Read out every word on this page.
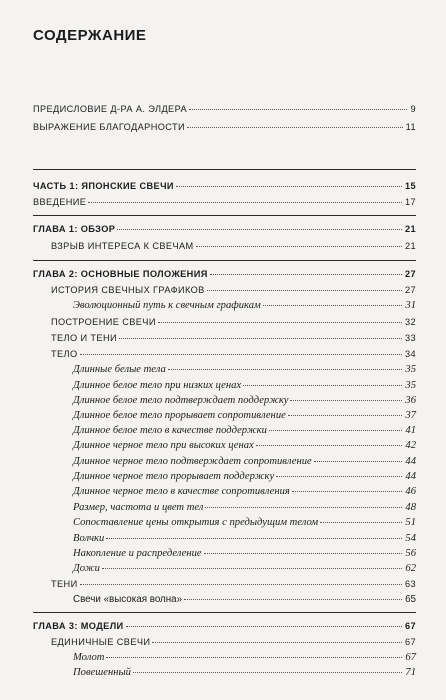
СОДЕРЖАНИЕ
ПРЕДИСЛОВИЕ Д-РА А. ЭЛДЕРА	9
ВЫРАЖЕНИЕ БЛАГОДАРНОСТИ	11
ЧАСТЬ 1: ЯПОНСКИЕ СВЕЧИ	15
ВВЕДЕНИЕ	17
ГЛАВА 1: ОБЗОР	21
ВЗРЫВ ИНТЕРЕСА К СВЕЧАМ	21
ГЛАВА 2: ОСНОВНЫЕ ПОЛОЖЕНИЯ	27
ИСТОРИЯ СВЕЧНЫХ ГРАФИКОВ	27
Эволюционный путь к свечным графикам	31
ПОСТРОЕНИЕ СВЕЧИ	32
ТЕЛО И ТЕНИ	33
ТЕЛО	34
Длинные белые тела	35
Длинное белое тело при низких ценах	35
Длинное белое тело подтверждает поддержку	36
Длинное белое тело прорывает сопротивление	37
Длинное белое тело в качестве поддержки	41
Длинное черное тело при высоких ценах	42
Длинное черное тело подтверждает сопротивление	44
Длинное черное тело прорывает поддержку	44
Длинное черное тело в качестве сопротивления	46
Размер, частота и цвет тел	48
Сопоставление цены открытия с предыдущим телом	51
Волчки	54
Накопление и распределение	56
Дожи	62
ТЕНИ	63
Свечи «высокая волна»	65
ГЛАВА 3: МОДЕЛИ	67
ЕДИНИЧНЫЕ СВЕЧИ	67
Молот	67
Повешенный	71
